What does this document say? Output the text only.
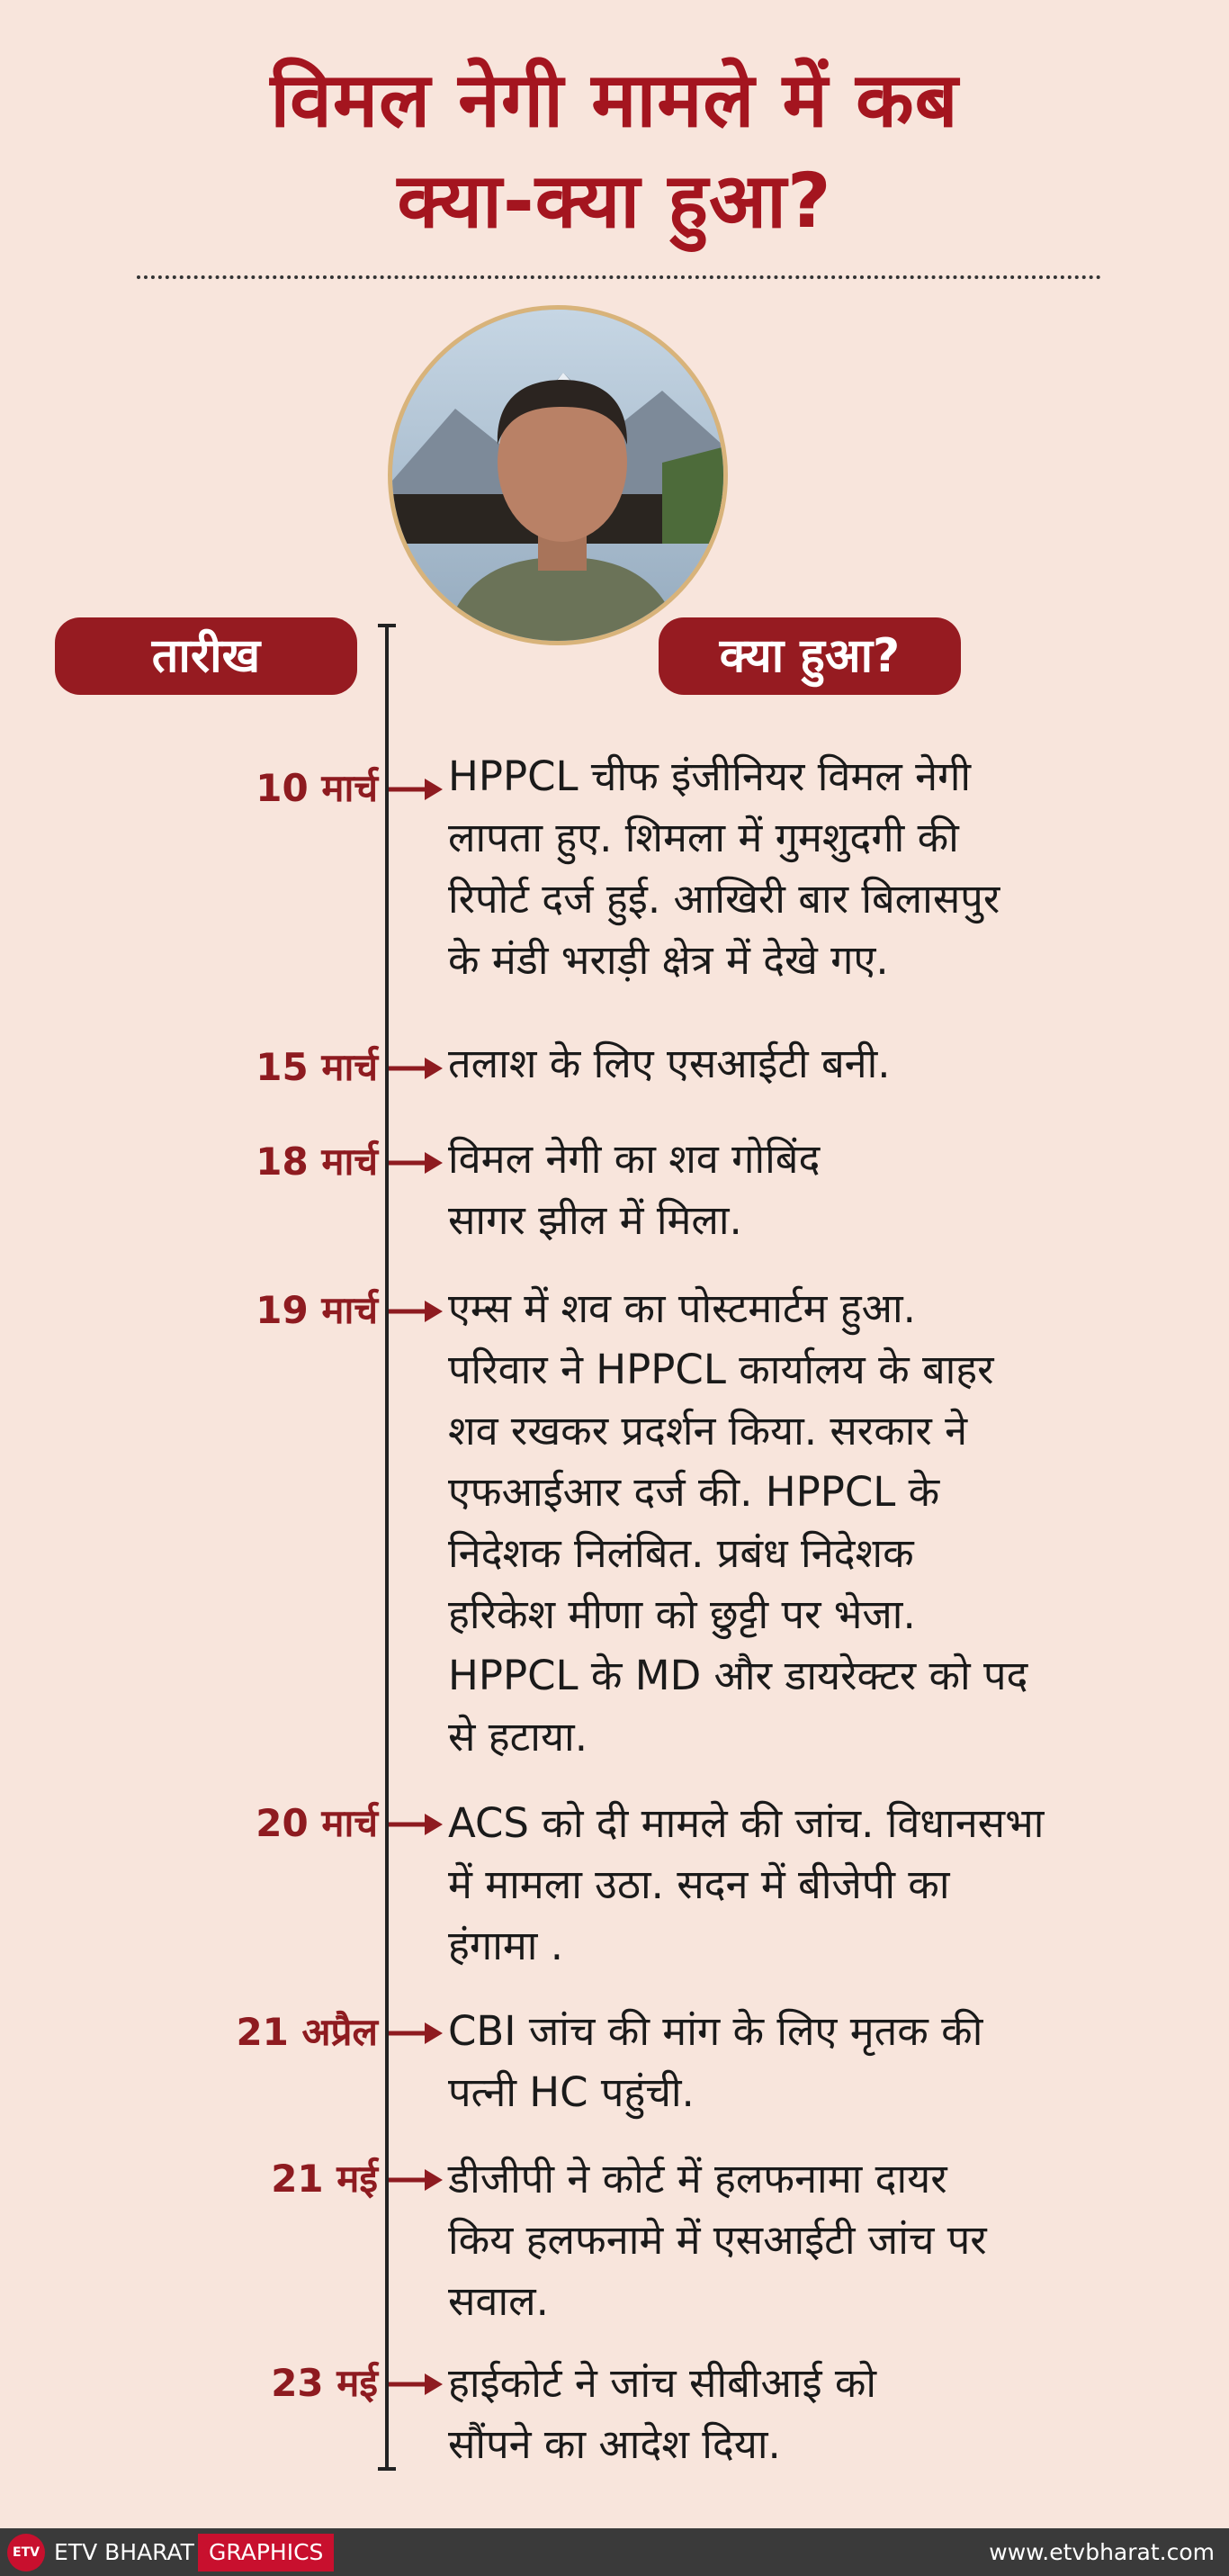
विमल नेगी मामले में कब
क्या-क्या हुआ?
तारीख	क्या हुआ?
10 मार्च HPPCL चीफ इंजीनियर विमल नेगी
लापता हुए. शिमला में गुमशुदगी की
रिपोर्ट दर्ज हुई. आखिरी बार बिलासपुर
के मंडी भराड़ी क्षेत्र में देखे गए.
15 मार्च तलाश के लिए एसआईटी बनी.
18 मार्च विमल नेगी का शव गोबिंद
सागर झील में मिला.
19 मार्च एम्स में शव का पोस्टमार्टम हुआ.
परिवार ने HPPCL कार्यालय के बाहर
शव रखकर प्रदर्शन किया. सरकार ने
एफआईआर दर्ज की. HPPCL के
निदेशक निलंबित. प्रबंध निदेशक
हरिकेश मीणा को छुट्टी पर भेजा.
HPPCL के MD और डायरेक्टर को पद
से हटाया.
20 मार्च ACS को दी मामले की जांच. विधानसभा
में मामला उठा. सदन में बीजेपी का
हंगामा .
21 अप्रैल CBI जांच की मांग के लिए मृतक की
पत्नी HC पहुंची.
21 मई डीजीपी ने कोर्ट में हलफनामा दायर
किय हलफनामे में एसआईटी जांच पर
सवाल.
23 मई हाईकोर्ट ने जांच सीबीआई को
सौंपने का आदेश दिया.
ETV ETV BHARAT GRAPHICS	www.etvbharat.com
